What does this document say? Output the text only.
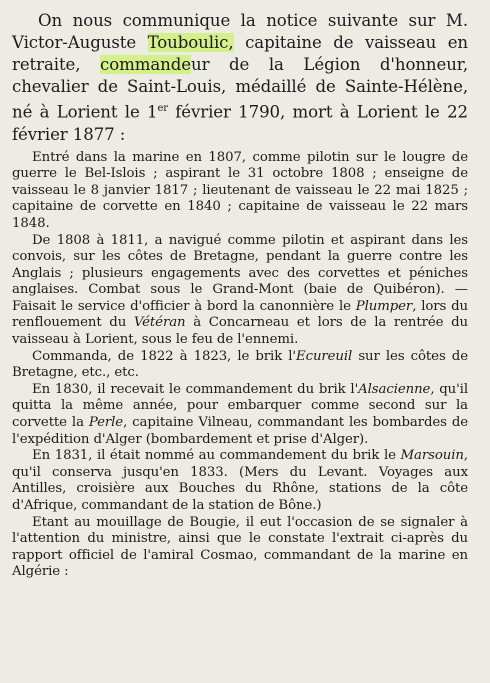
On nous communique la notice suivante sur M. Victor-Auguste Touboulic, capitaine de vaisseau en retraite, commandeur de la Légion d'honneur, chevalier de Saint-Louis, médaillé de Sainte-Hélène, né à Lorient le 1er février 1790, mort à Lorient le 22 février 1877 :

Entré dans la marine en 1807, comme pilotin sur le lougre de guerre le Bel-Islois ; aspirant le 31 octobre 1808 ; enseigne de vaisseau le 8 janvier 1817 ; lieutenant de vaisseau le 22 mai 1825 ; capitaine de corvette en 1840 ; capitaine de vaisseau le 22 mars 1848.

De 1808 à 1811, a navigué comme pilotin et aspirant dans les convois, sur les côtes de Bretagne, pendant la guerre contre les Anglais ; plusieurs engagements avec des corvettes et péniches anglaises. Combat sous le Grand-Mont (baie de Quibéron). — Faisait le service d'officier à bord la canonnière le Plumper, lors du renflouement du Vétéran à Concarneau et lors de la rentrée du vaisseau à Lorient, sous le feu de l'ennemi.

Commanda, de 1822 à 1823, le brik l'Ecureuil sur les côtes de Bretagne, etc., etc.

En 1830, il recevait le commandement du brik l'Alsacienne, qu'il quitta la même année, pour embarquer comme second sur la corvette la Perle, capitaine Vilneau, commandant les bombardes de l'expédition d'Alger (bombardement et prise d'Alger).

En 1831, il était nommé au commandement du brik le Marsouin, qu'il conserva jusqu'en 1833. (Mers du Levant. Voyages aux Antilles, croisière aux Bouches du Rhône, stations de la côte d'Afrique, commandant de la station de Bône.)

Etant au mouillage de Bougie, il eut l'occasion de se signaler à l'attention du ministre, ainsi que le constate l'extrait ci-après du rapport officiel de l'amiral Cosmao, commandant de la marine en Algérie :
